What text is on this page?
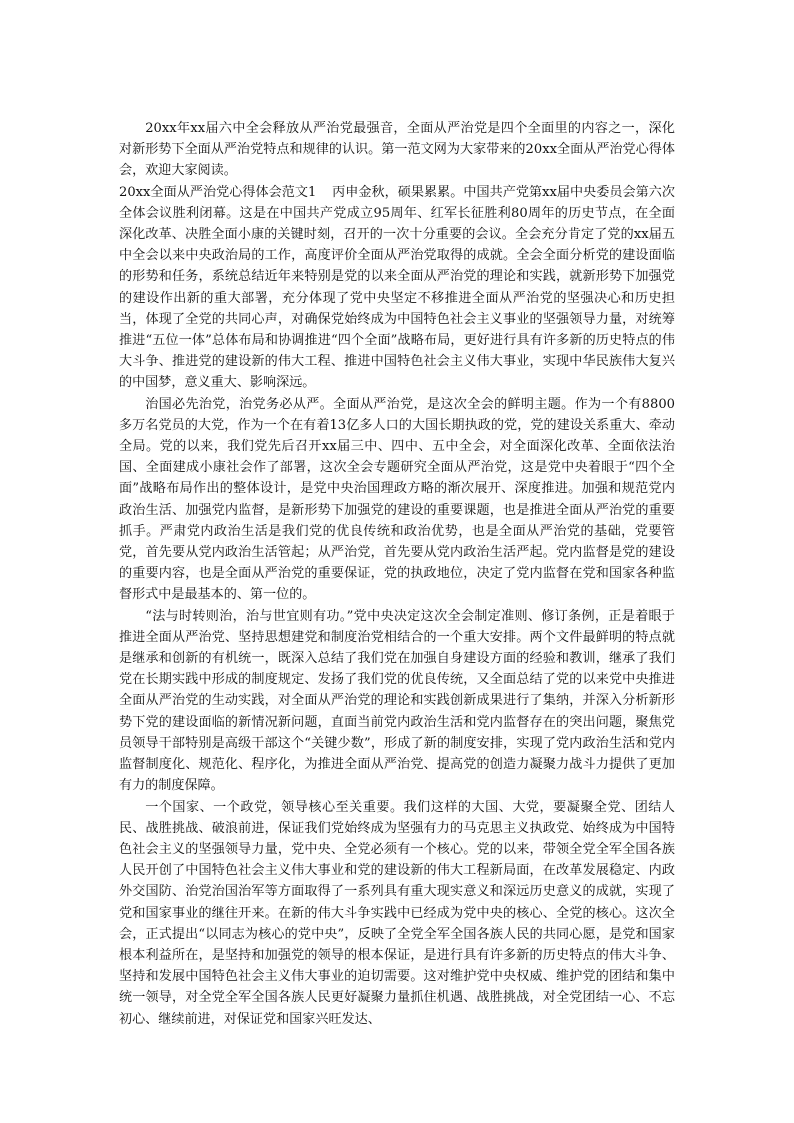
20xx年xx届六中全会释放从严治党最强音，全面从严治党是四个全面里的内容之一，深化对新形势下全面从严治党特点和规律的认识。第一范文网为大家带来的20xx全面从严治党心得体会，欢迎大家阅读。

20xx全面从严治党心得体会范文1 丙申金秋，硕果累累。中国共产党第xx届中央委员会第六次全体会议胜利闭幕。这是在中国共产党成立95周年、红军长征胜利80周年的历史节点，在全面深化改革、决胜全面小康的关键时刻，召开的一次十分重要的会议。全会充分肯定了党的xx届五中全会以来中央政治局的工作，高度评价全面从严治党取得的成就。全会全面分析党的建设面临的形势和任务，系统总结近年来特别是党的以来全面从严治党的理论和实践，就新形势下加强党的建设作出新的重大部署，充分体现了党中央坚定不移推进全面从严治党的坚强决心和历史担当，体现了全党的共同心声，对确保党始终成为中国特色社会主义事业的坚强领导力量，对统筹推进“五位一体”总体布局和协调推进“四个全面”战略布局，更好进行具有许多新的历史特点的伟大斗争、推进党的建设新的伟大工程、推进中国特色社会主义伟大事业，实现中华民族伟大复兴的中国梦，意义重大、影响深远。

治国必先治党，治党务必从严。全面从严治党，是这次全会的鲜明主题。作为一个有8800多万名党员的大党，作为一个在有着13亿多人口的大国长期执政的党，党的建设关系重大、牵动全局。党的以来，我们党先后召开xx届三中、四中、五中全会，对全面深化改革、全面依法治国、全面建成小康社会作了部署，这次全会专题研究全面从严治党，这是党中央着眼于“四个全面”战略布局作出的整体设计，是党中央治国理政方略的渐次展开、深度推进。加强和规范党内政治生活、加强党内监督，是新形势下加强党的建设的重要课题，也是推进全面从严治党的重要抓手。严肃党内政治生活是我们党的优良传统和政治优势，也是全面从严治党的基础，党要管党，首先要从党内政治生活管起；从严治党，首先要从党内政治生活严起。党内监督是党的建设的重要内容，也是全面从严治党的重要保证，党的执政地位，决定了党内监督在党和国家各种监督形式中是最基本的、第一位的。

“法与时转则治，治与世宜则有功。”党中央决定这次全会制定准则、修订条例，正是着眼于推进全面从严治党、坚持思想建党和制度治党相结合的一个重大安排。两个文件最鲜明的特点就是继承和创新的有机统一，既深入总结了我们党在加强自身建设方面的经验和教训，继承了我们党在长期实践中形成的制度规定、发扬了我们党的优良传统，又全面总结了党的以来党中央推进全面从严治党的生动实践，对全面从严治党的理论和实践创新成果进行了集纳，并深入分析新形势下党的建设面临的新情况新问题，直面当前党内政治生活和党内监督存在的突出问题，聚焦党员领导干部特别是高级干部这个“关键少数”，形成了新的制度安排，实现了党内政治生活和党内监督制度化、规范化、程序化，为推进全面从严治党、提高党的创造力凝聚力战斗力提供了更加有力的制度保障。

一个国家、一个政党，领导核心至关重要。我们这样的大国、大党，要凝聚全党、团结人民、战胜挑战、破浪前进，保证我们党始终成为坚强有力的马克思主义执政党、始终成为中国特色社会主义的坚强领导力量，党中央、全党必须有一个核心。党的以来，带领全党全军全国各族人民开创了中国特色社会主义伟大事业和党的建设新的伟大工程新局面，在改革发展稳定、内政外交国防、治党治国治军等方面取得了一系列具有重大现实意义和深远历史意义的成就，实现了党和国家事业的继往开来。在新的伟大斗争实践中已经成为党中央的核心、全党的核心。这次全会，正式提出“以同志为核心的党中央”，反映了全党全军全国各族人民的共同心愿，是党和国家根本利益所在，是坚持和加强党的领导的根本保证，是进行具有许多新的历史特点的伟大斗争、坚持和发展中国特色社会主义伟大事业的迫切需要。这对维护党中央权威、维护党的团结和集中统一领导，对全党全军全国各族人民更好凝聚力量抓住机遇、战胜挑战，对全党团结一心、不忘初心、继续前进，对保证党和国家兴旺发达、
